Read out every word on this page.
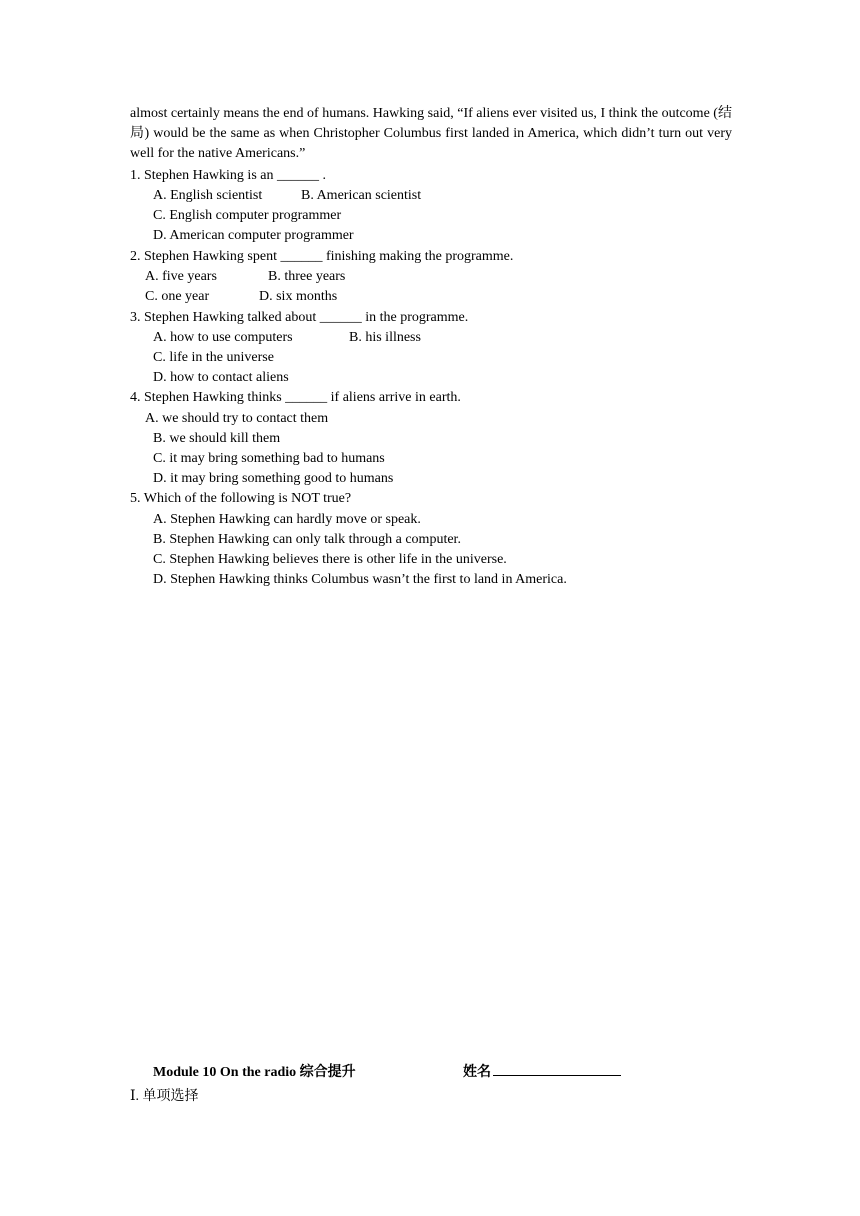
almost certainly means the end of humans. Hawking said, “If aliens ever visited us, I think the outcome (结局) would be the same as when Christopher Columbus first landed in America, which didn’t turn out very well for the native Americans.”

1. Stephen Hawking is an ______ .
A. English scientist	B. American scientist
C. English computer programmer
D. American computer programmer
2. Stephen Hawking spent ______ finishing making the programme.
A. five years	B. three years
C. one year	D. six months
3. Stephen Hawking talked about ______ in the programme.
A. how to use computers	B. his illness
C. life in the universe
D. how to contact aliens
4. Stephen Hawking thinks ______ if aliens arrive in earth.
A. we should try to contact them
B. we should kill them
C. it may bring something bad to humans
D. it may bring something good to humans
5. Which of the following is NOT true?
A. Stephen Hawking can hardly move or speak.
B. Stephen Hawking can only talk through a computer.
C. Stephen Hawking believes there is other life in the universe.
D. Stephen Hawking thinks Columbus wasn’t the first to land in America.
Module 10 On the radio 综合提升	姓名
Ⅰ. 单项选择
